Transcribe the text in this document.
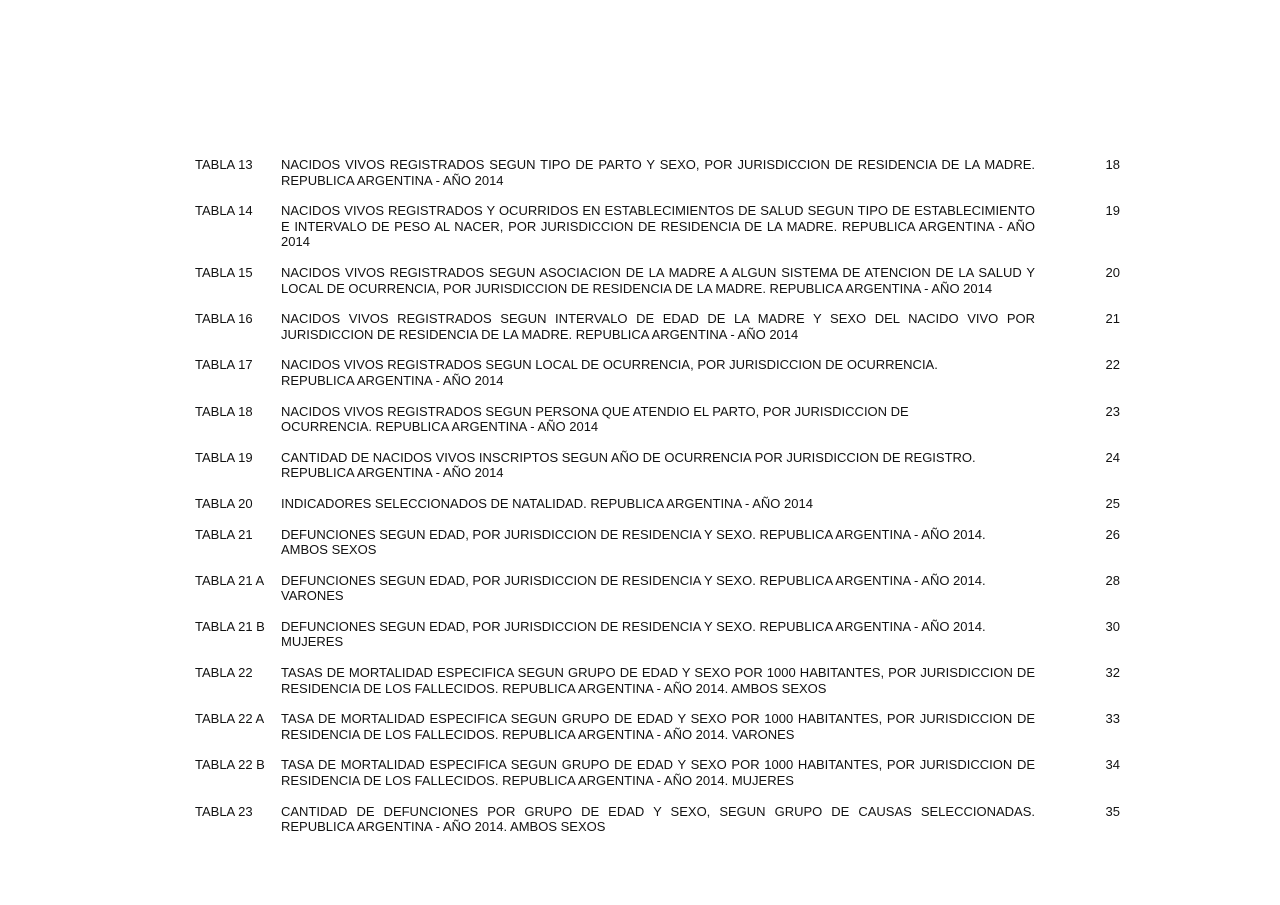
TABLA 13	NACIDOS VIVOS REGISTRADOS SEGUN TIPO DE PARTO Y SEXO, POR JURISDICCION DE RESIDENCIA DE LA MADRE. REPUBLICA ARGENTINA - AÑO 2014
18
TABLA 14	NACIDOS VIVOS REGISTRADOS Y OCURRIDOS EN ESTABLECIMIENTOS DE SALUD SEGUN TIPO DE ESTABLECIMIENTO E INTERVALO DE PESO AL NACER, POR JURISDICCION DE RESIDENCIA DE LA MADRE. REPUBLICA ARGENTINA - AÑO 2014
19
TABLA 15	NACIDOS VIVOS REGISTRADOS SEGUN ASOCIACION DE LA MADRE A ALGUN SISTEMA DE ATENCION DE LA SALUD Y LOCAL DE OCURRENCIA, POR JURISDICCION DE RESIDENCIA DE LA MADRE. REPUBLICA ARGENTINA - AÑO 2014
20
TABLA 16	NACIDOS VIVOS REGISTRADOS SEGUN INTERVALO DE EDAD DE LA MADRE Y SEXO DEL NACIDO VIVO POR JURISDICCION DE RESIDENCIA DE LA MADRE. REPUBLICA ARGENTINA - AÑO 2014
21
TABLA 17	NACIDOS VIVOS REGISTRADOS SEGUN LOCAL DE OCURRENCIA, POR JURISDICCION DE OCURRENCIA.
REPUBLICA ARGENTINA - AÑO 2014
22
TABLA 18	NACIDOS VIVOS REGISTRADOS SEGUN PERSONA QUE ATENDIO EL PARTO, POR JURISDICCION DE
OCURRENCIA. REPUBLICA ARGENTINA - AÑO 2014
23
TABLA 19	CANTIDAD DE NACIDOS VIVOS INSCRIPTOS SEGUN AÑO DE OCURRENCIA POR JURISDICCION DE REGISTRO.
REPUBLICA ARGENTINA - AÑO 2014
24
TABLA 20	INDICADORES SELECCIONADOS DE NATALIDAD. REPUBLICA ARGENTINA - AÑO 2014	25
TABLA 21	DEFUNCIONES SEGUN EDAD, POR JURISDICCION DE RESIDENCIA Y SEXO. REPUBLICA ARGENTINA - AÑO 2014.
AMBOS SEXOS
26
TABLA 21 A	DEFUNCIONES SEGUN EDAD, POR JURISDICCION DE RESIDENCIA Y SEXO. REPUBLICA ARGENTINA - AÑO 2014.
VARONES
28
TABLA 21 B	DEFUNCIONES SEGUN EDAD, POR JURISDICCION DE RESIDENCIA Y SEXO. REPUBLICA ARGENTINA - AÑO 2014.
MUJERES
30
TABLA 22	TASAS DE MORTALIDAD ESPECIFICA SEGUN GRUPO DE EDAD Y SEXO POR 1000 HABITANTES, POR JURISDICCION DE RESIDENCIA DE LOS FALLECIDOS. REPUBLICA ARGENTINA - AÑO 2014. AMBOS SEXOS
32
TABLA 22 A	TASA DE MORTALIDAD ESPECIFICA SEGUN GRUPO DE EDAD Y SEXO POR 1000 HABITANTES, POR JURISDICCION DE RESIDENCIA DE LOS FALLECIDOS. REPUBLICA ARGENTINA - AÑO 2014. VARONES
33
TABLA 22 B	TASA DE MORTALIDAD ESPECIFICA SEGUN GRUPO DE EDAD Y SEXO POR 1000 HABITANTES, POR JURISDICCION DE RESIDENCIA DE LOS FALLECIDOS. REPUBLICA ARGENTINA - AÑO 2014. MUJERES
34
TABLA 23	CANTIDAD DE DEFUNCIONES POR GRUPO DE EDAD Y SEXO, SEGUN GRUPO DE CAUSAS SELECCIONADAS. REPUBLICA ARGENTINA - AÑO 2014. AMBOS SEXOS
35
